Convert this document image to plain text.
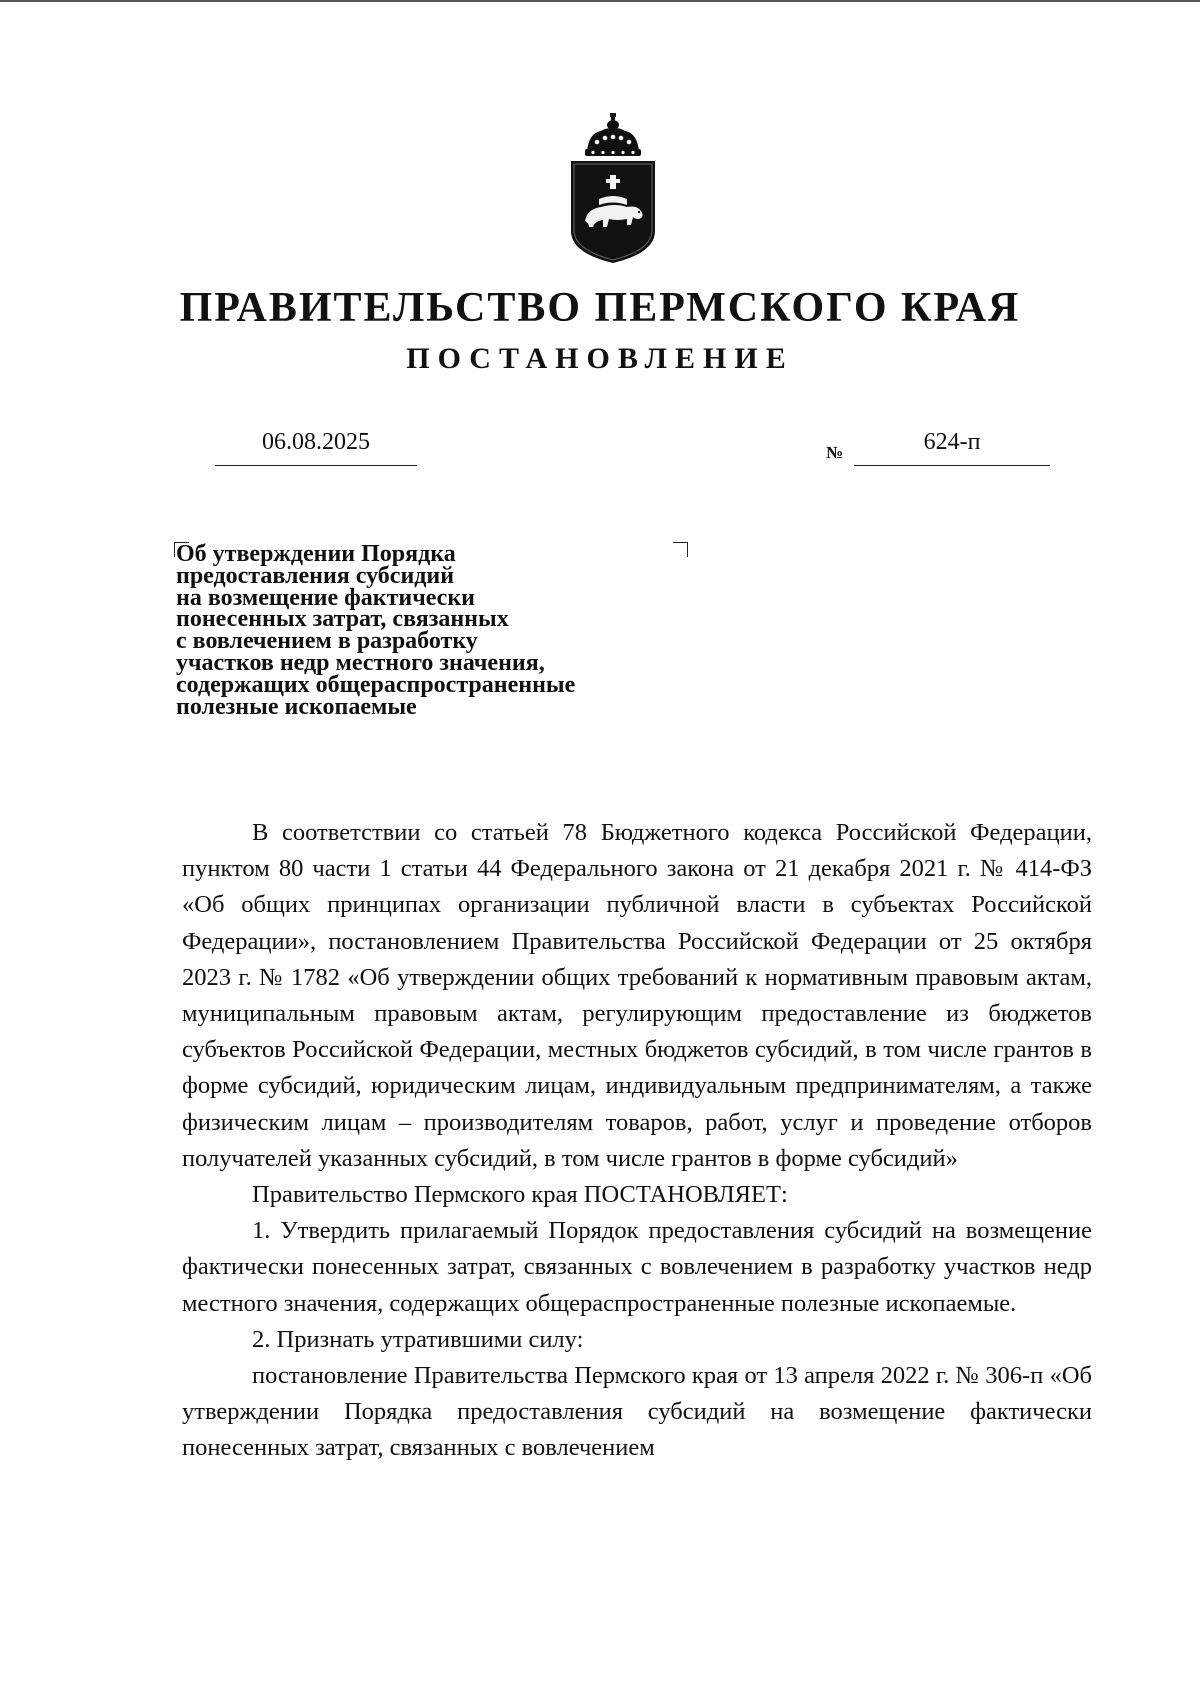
ПРАВИТЕЛЬСТВО ПЕРМСКОГО КРАЯ
ПОСТАНОВЛЕНИЕ
06.08.2025	№	624-п
Об утверждении Порядка
предоставления субсидий
на возмещение фактически
понесенных затрат, связанных
с вовлечением в разработку
участков недр местного значения,
содержащих общераспространенные
полезные ископаемые

В соответствии со статьей 78 Бюджетного кодекса Российской Федерации, пунктом 80 части 1 статьи 44 Федерального закона от 21 декабря 2021 г. № 414-ФЗ «Об общих принципах организации публичной власти в субъектах Российской Федерации», постановлением Правительства Российской Федерации от 25 октября 2023 г. № 1782 «Об утверждении общих требований к нормативным правовым актам, муниципальным правовым актам, регулирующим предоставление из бюджетов субъектов Российской Федерации, местных бюджетов субсидий, в том числе грантов в форме субсидий, юридическим лицам, индивидуальным предпринимателям, а также физическим лицам – производителям товаров, работ, услуг и проведение отборов получателей указанных субсидий, в том числе грантов в форме субсидий»

Правительство Пермского края ПОСТАНОВЛЯЕТ:

1. Утвердить прилагаемый Порядок предоставления субсидий на возмещение фактически понесенных затрат, связанных с вовлечением в разработку участков недр местного значения, содержащих общераспространенные полезные ископаемые.

2. Признать утратившими силу:

постановление Правительства Пермского края от 13 апреля 2022 г. № 306-п «Об утверждении Порядка предоставления субсидий на возмещение фактически понесенных затрат, связанных с вовлечением
